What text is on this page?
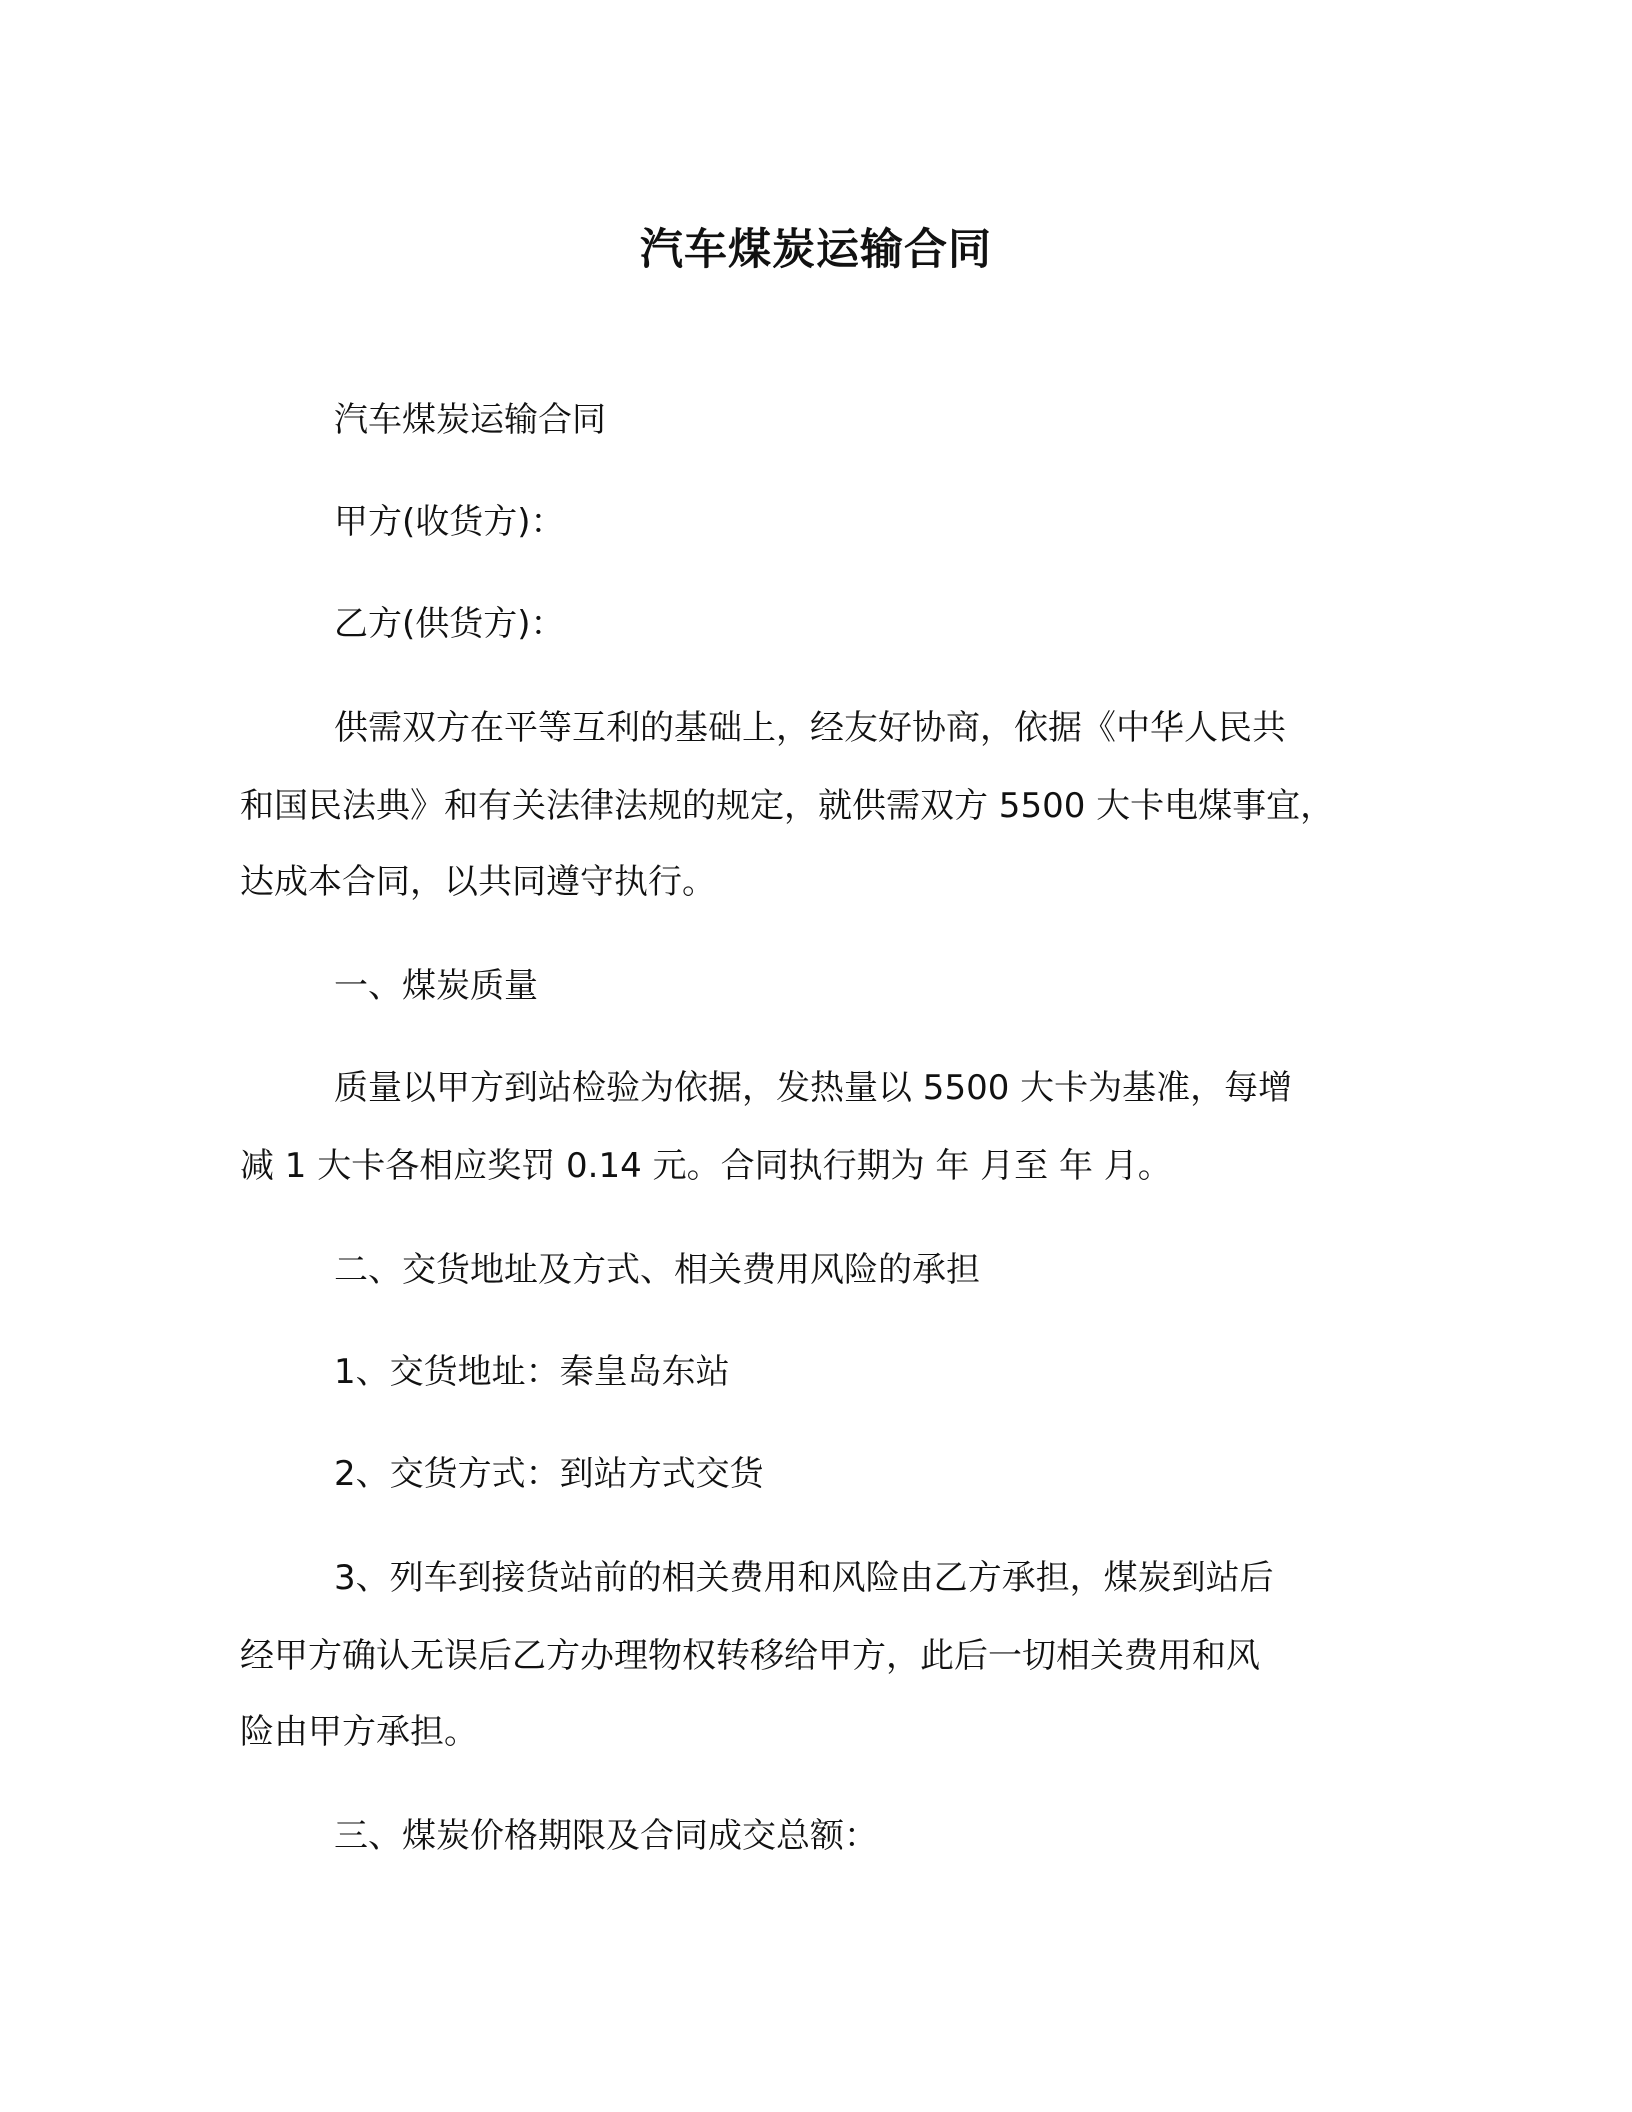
汽车煤炭运输合同
汽车煤炭运输合同
甲方(收货方)：
乙方(供货方)：
供需双方在平等互利的基础上，经友好协商，依据《中华人民共
和国民法典》和有关法律法规的规定，就供需双方 5500 大卡电煤事宜，
达成本合同，以共同遵守执行。
一、煤炭质量
质量以甲方到站检验为依据，发热量以 5500 大卡为基准，每增
减 1 大卡各相应奖罚 0.14 元。合同执行期为 年 月至 年 月。
二、交货地址及方式、相关费用风险的承担
1、交货地址：秦皇岛东站
2、交货方式：到站方式交货
3、列车到接货站前的相关费用和风险由乙方承担，煤炭到站后
经甲方确认无误后乙方办理物权转移给甲方，此后一切相关费用和风
险由甲方承担。
三、煤炭价格期限及合同成交总额：
